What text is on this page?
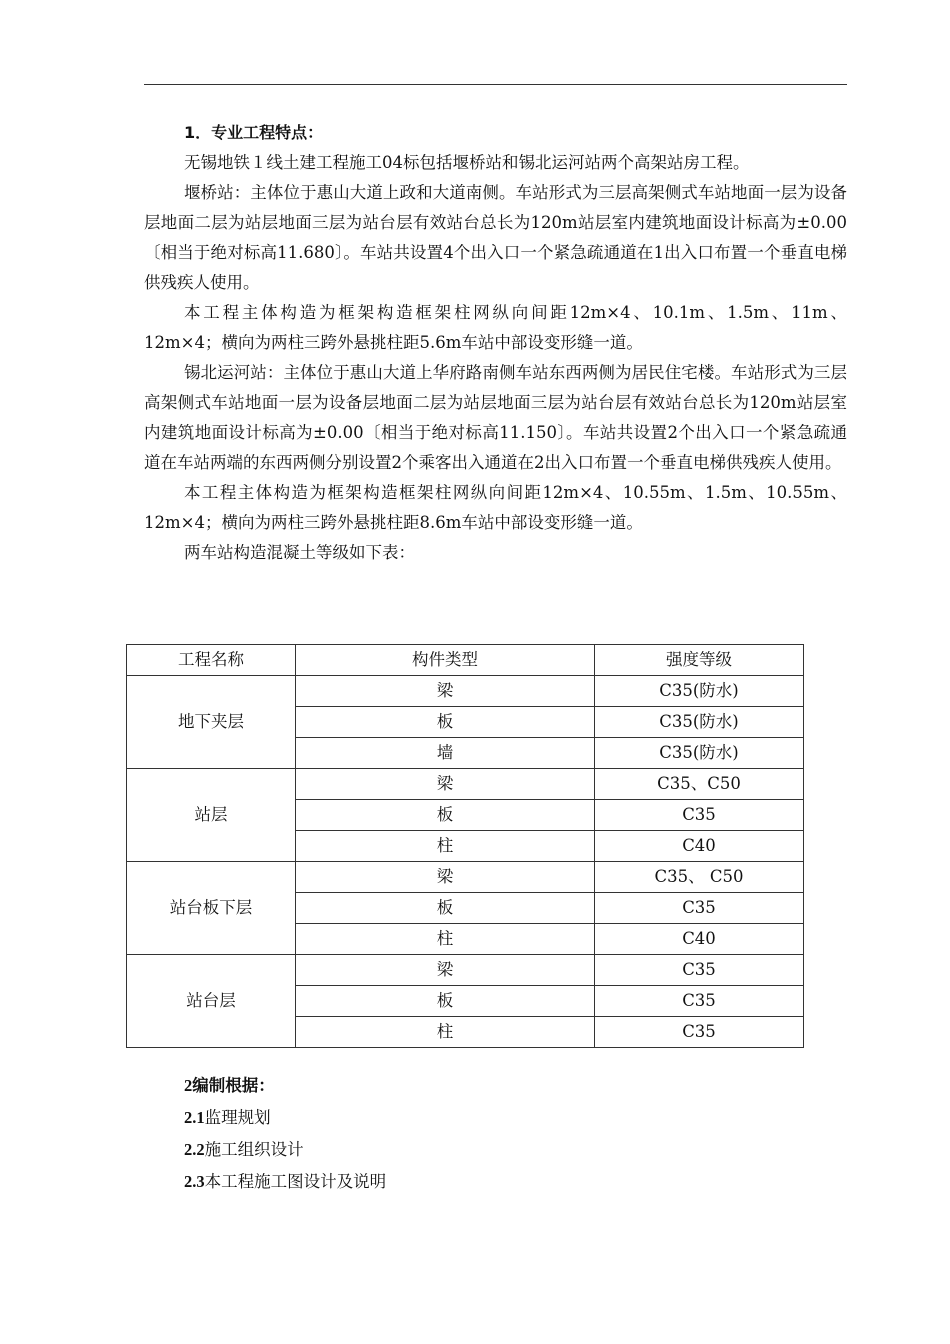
1．专业工程特点：

无锡地铁１线土建工程施工04标包括堰桥站和锡北运河站两个高架站房工程。

堰桥站：主体位于惠山大道上政和大道南侧。车站形式为三层高架侧式车站地面一层为设备层地面二层为站层地面三层为站台层有效站台总长为120m站层室内建筑地面设计标高为±0.00〔相当于绝对标高11.680〕。车站共设置4个出入口一个紧急疏通道在1出入口布置一个垂直电梯供残疾人使用。

本工程主体构造为框架构造框架柱网纵向间距12m×4、10.1m、1.5m、11m、12m×4；横向为两柱三跨外悬挑柱距5.6m车站中部设变形缝一道。

锡北运河站：主体位于惠山大道上华府路南侧车站东西两侧为居民住宅楼。车站形式为三层高架侧式车站地面一层为设备层地面二层为站层地面三层为站台层有效站台总长为120m站层室内建筑地面设计标高为±0.00〔相当于绝对标高11.150〕。车站共设置2个出入口一个紧急疏通道在车站两端的东西两侧分别设置2个乘客出入通道在2出入口布置一个垂直电梯供残疾人使用。

本工程主体构造为框架构造框架柱网纵向间距12m×4、10.55m、1.5m、10.55m、12m×4；横向为两柱三跨外悬挑柱距8.6m车站中部设变形缝一道。

两车站构造混凝土等级如下表：
工程名称	构件类型	强度等级
地下夹层	梁	C35(防水)
	板	C35(防水)
	墙	C35(防水)
站层	梁	C35、C50
	板	C35
	柱	C40
站台板下层	梁	C35、 C50
	板	C35
	柱	C40
站台层	梁	C35
	板	C35
	柱	C35
2编制根据：
2.1监理规划
2.2施工组织设计
2.3本工程施工图设计及说明
